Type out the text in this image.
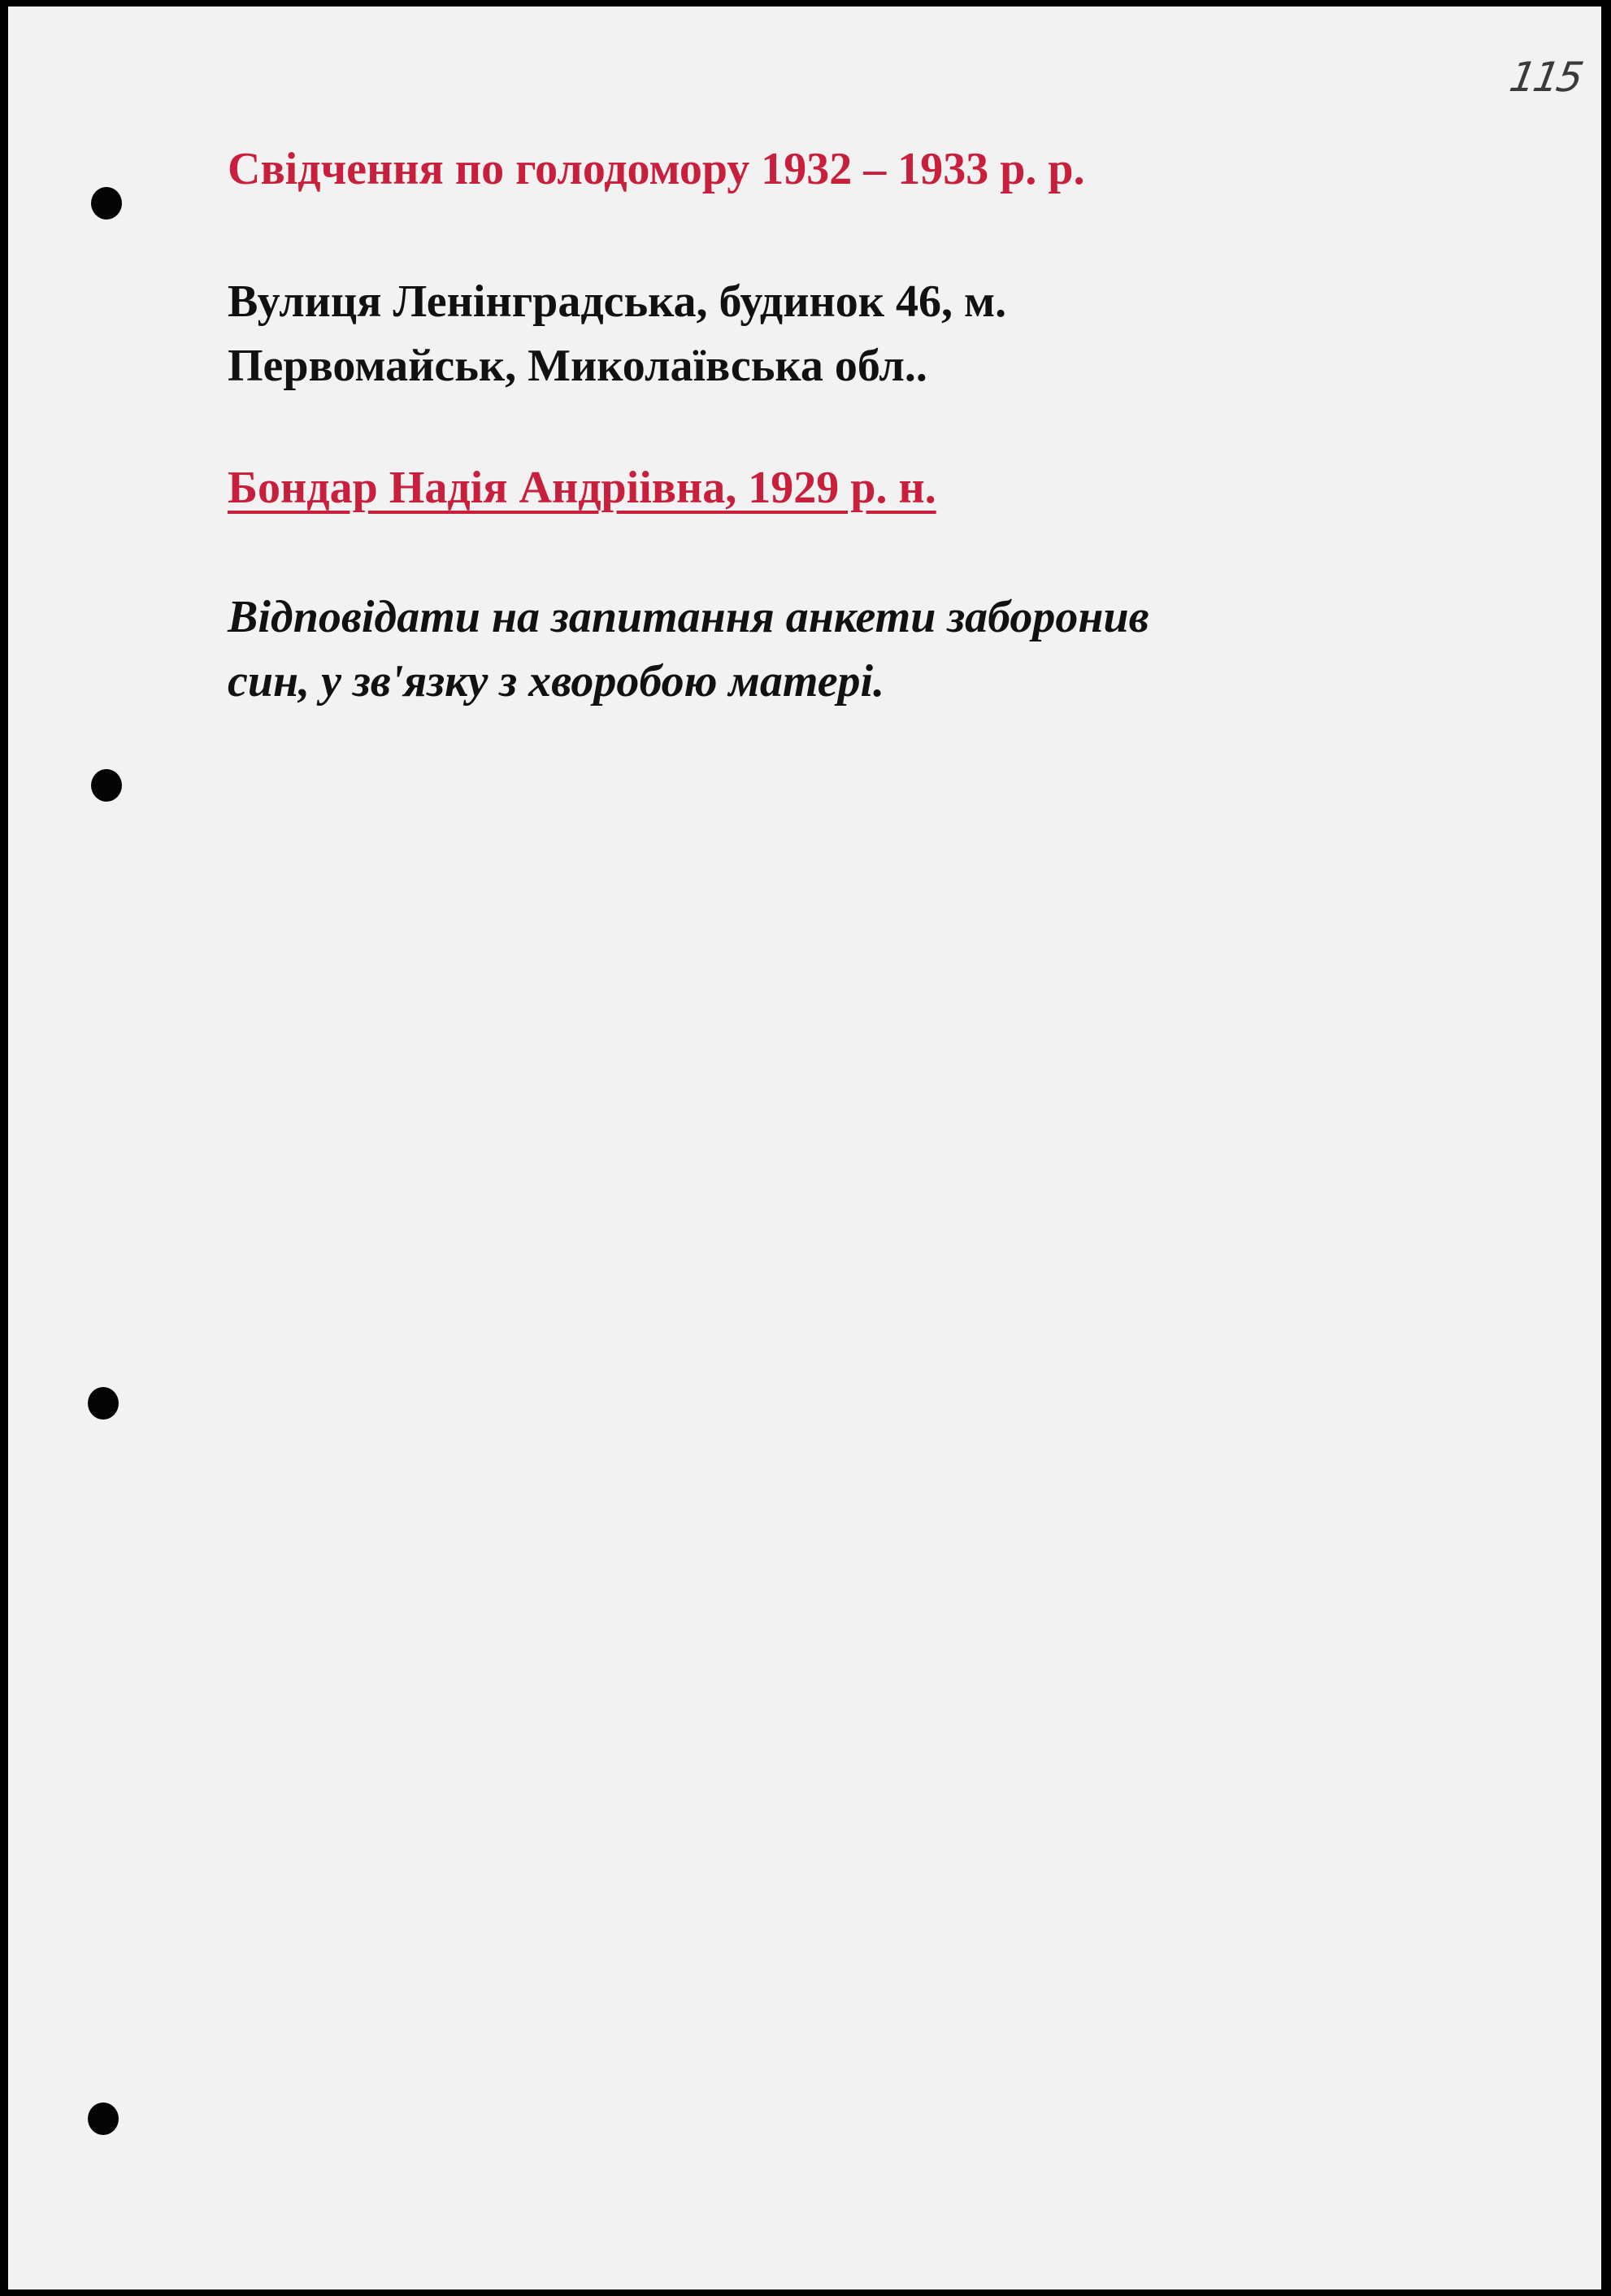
115
Свідчення по голодомору 1932 – 1933 р. р.

Вулиця Ленінградська, будинок 46, м.
Первомайськ, Миколаївська обл..

Бондар Надія Андріівна, 1929 р. н.

Відповідати на запитання анкети заборонив
син, у зв'язку з хворобою матері.
